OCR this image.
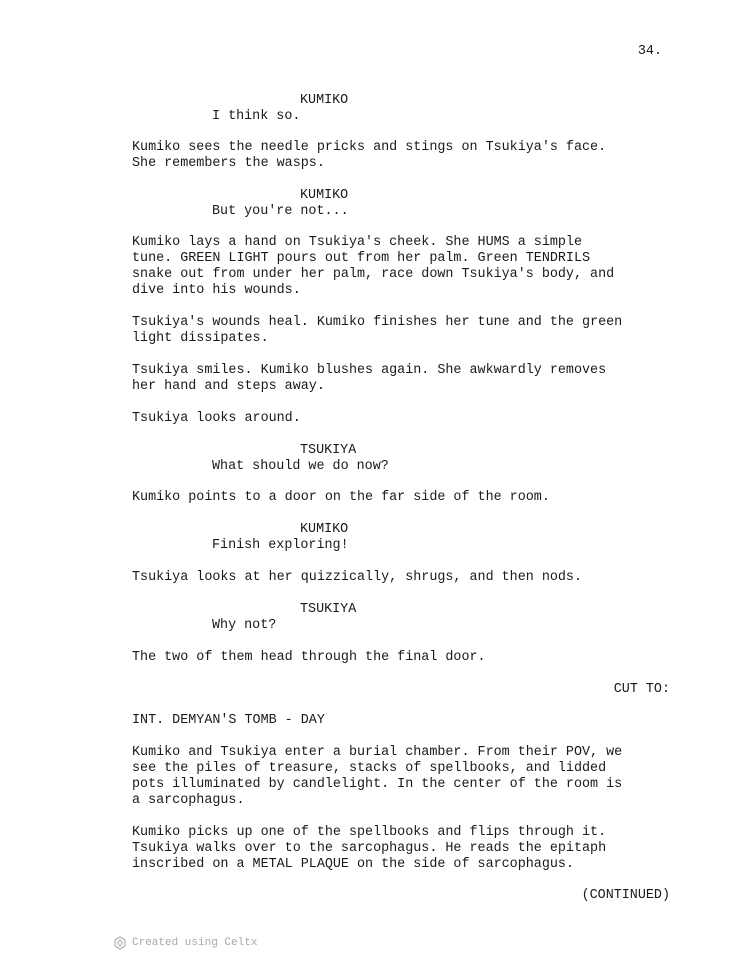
34.
KUMIKO
I think so.
Kumiko sees the needle pricks and stings on Tsukiya's face.
She remembers the wasps.
KUMIKO
But you're not...
Kumiko lays a hand on Tsukiya's cheek. She HUMS a simple
tune. GREEN LIGHT pours out from her palm. Green TENDRILS
snake out from under her palm, race down Tsukiya's body, and
dive into his wounds.
Tsukiya's wounds heal. Kumiko finishes her tune and the green
light dissipates.
Tsukiya smiles. Kumiko blushes again. She awkwardly removes
her hand and steps away.
Tsukiya looks around.
TSUKIYA
What should we do now?
Kumiko points to a door on the far side of the room.
KUMIKO
Finish exploring!
Tsukiya looks at her quizzically, shrugs, and then nods.
TSUKIYA
Why not?
The two of them head through the final door.
CUT TO:
INT. DEMYAN'S TOMB - DAY
Kumiko and Tsukiya enter a burial chamber. From their POV, we
see the piles of treasure, stacks of spellbooks, and lidded
pots illuminated by candlelight. In the center of the room is
a sarcophagus.
Kumiko picks up one of the spellbooks and flips through it.
Tsukiya walks over to the sarcophagus. He reads the epitaph
inscribed on a METAL PLAQUE on the side of sarcophagus.
(CONTINUED)
Created using Celtx
